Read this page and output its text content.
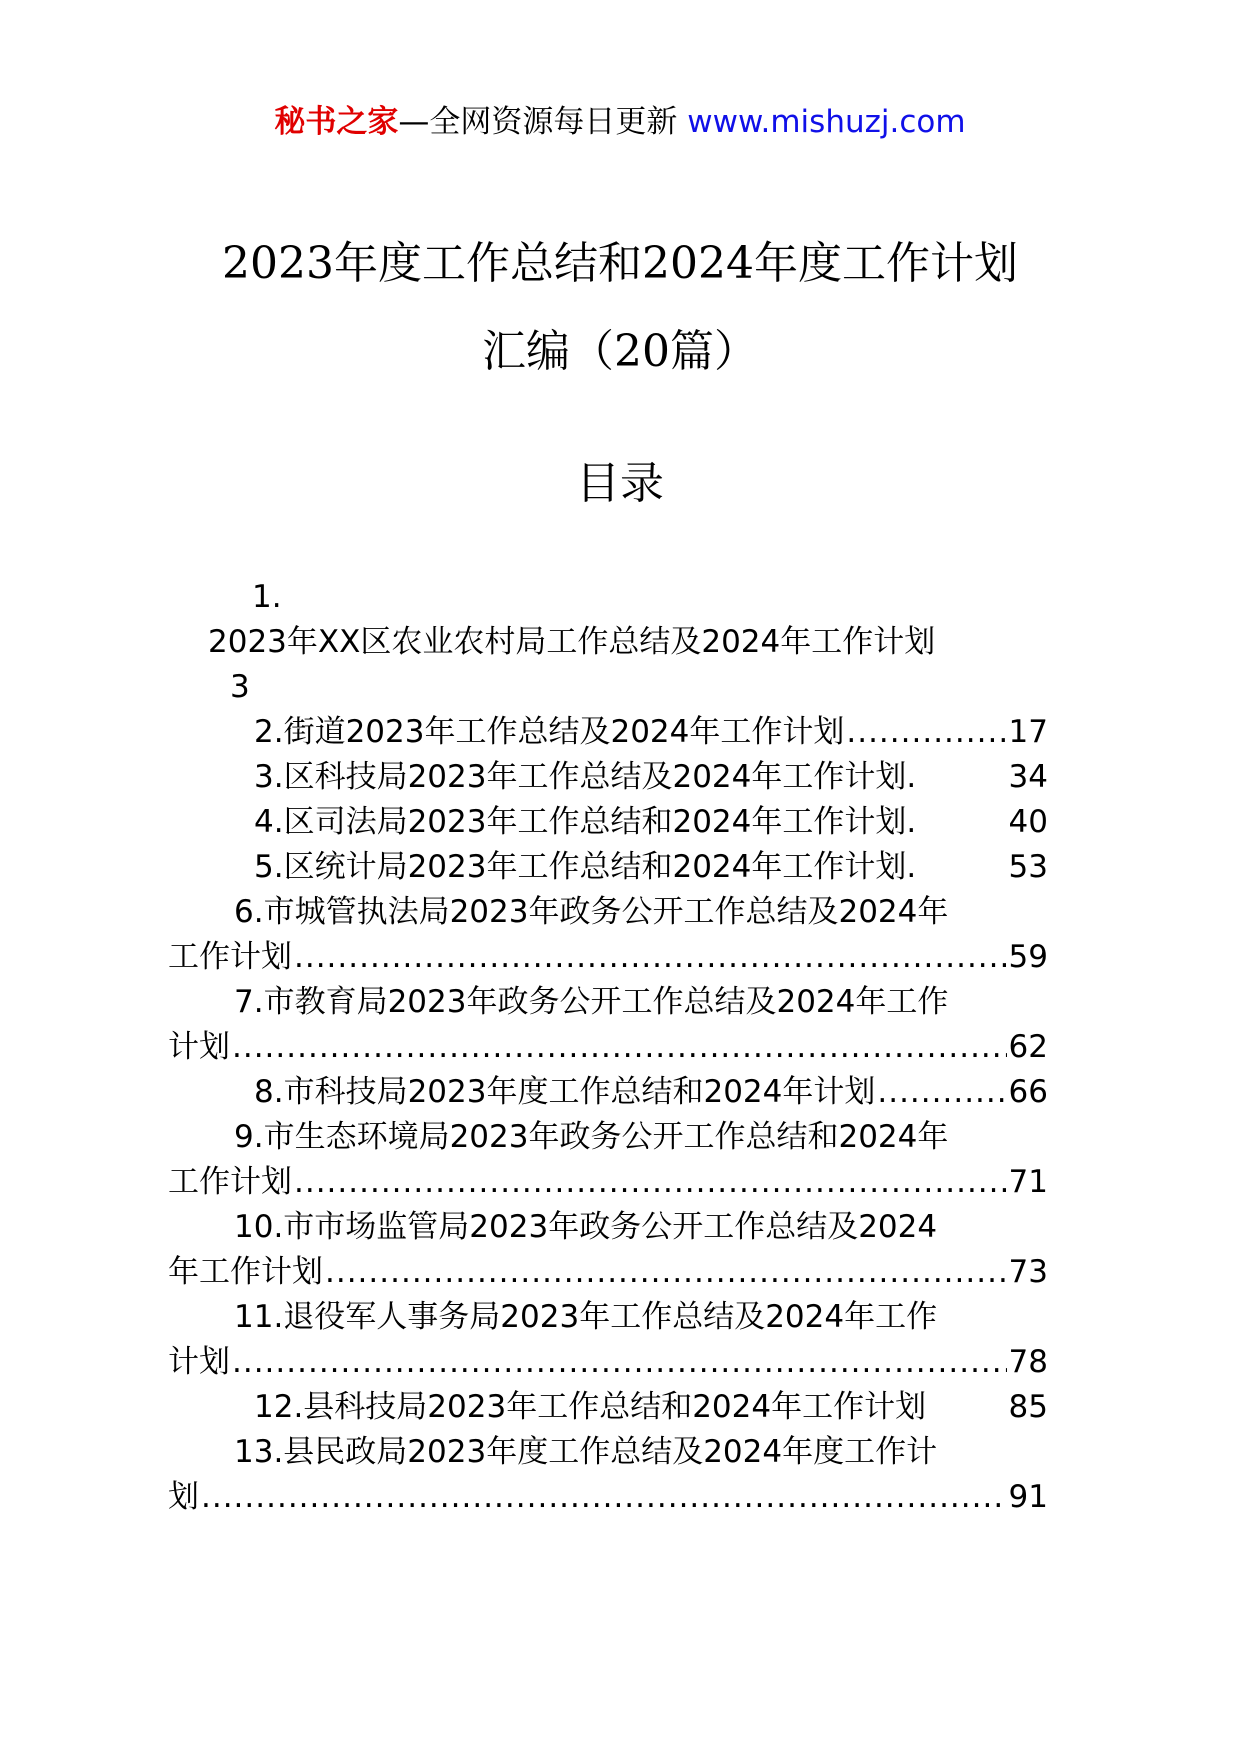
秘书之家—全网资源每日更新 www.mishuzj.com
2023年度工作总结和2024年度工作计划
汇编（20篇）
目录
1.
2023年XX区农业农村局工作总结及2024年工作计划
3
2.街道2023年工作总结及2024年工作计划 .....	17
3.区科技局2023年工作总结及2024年工作计划.	34
4.区司法局2023年工作总结和2024年工作计划.	40
5.区统计局2023年工作总结和2024年工作计划.	53
6.市城管执法局2023年政务公开工作总结及2024年
工作计划 .....	59
7.市教育局2023年政务公开工作总结及2024年工作
计划 .....	62
8.市科技局2023年度工作总结和2024年计划 .....	66
9.市生态环境局2023年政务公开工作总结和2024年
工作计划 .....	71
10.市市场监管局2023年政务公开工作总结及2024
年工作计划 .....	73
11.退役军人事务局2023年工作总结及2024年工作
计划 .....	78
12.县科技局2023年工作总结和2024年工作计划	85
13.县民政局2023年度工作总结及2024年度工作计
划 .....	91
